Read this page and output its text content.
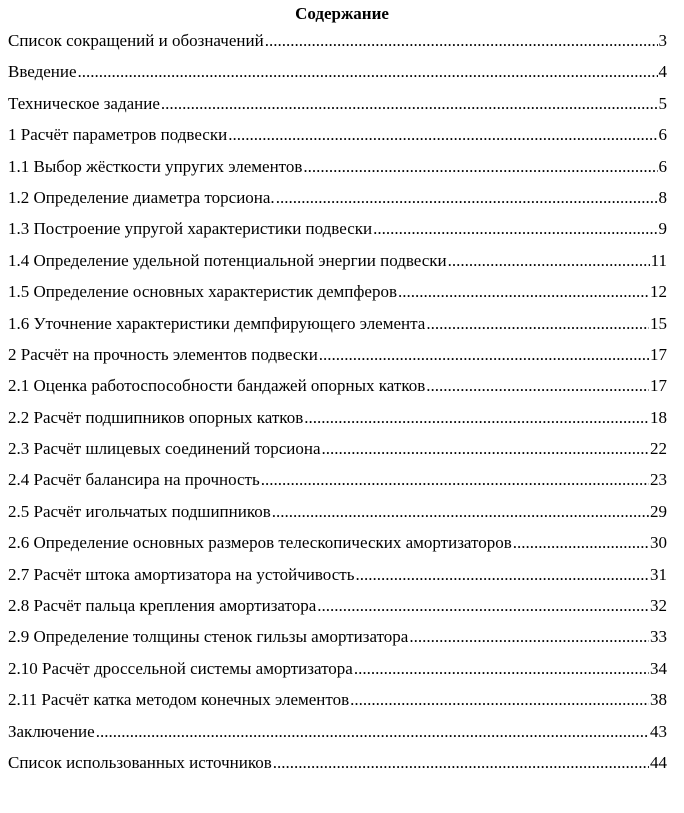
Содержание
Список сокращений и обозначений .....	3
Введение .....	4
Техническое задание .....	5
1 Расчёт параметров подвески .....	6
1.1 Выбор жёсткости упругих элементов .....	6
1.2 Определение диаметра торсиона. .....	8
1.3 Построение упругой характеристики подвески .....	9
1.4 Определение удельной потенциальной энергии подвески .....	11
1.5 Определение основных характеристик демпферов .....	12
1.6 Уточнение характеристики демпфирующего элемента .....	15
2 Расчёт на прочность элементов подвески .....	17
2.1 Оценка работоспособности бандажей опорных катков .....	17
2.2 Расчёт подшипников опорных катков .....	18
2.3 Расчёт шлицевых соединений торсиона .....	22
2.4 Расчёт балансира на прочность .....	23
2.5 Расчёт игольчатых подшипников .....	29
2.6 Определение основных размеров телескопических амортизаторов .....	30
2.7 Расчёт штока амортизатора на устойчивость .....	31
2.8 Расчёт пальца крепления амортизатора .....	32
2.9 Определение толщины стенок гильзы амортизатора .....	33
2.10 Расчёт дроссельной системы амортизатора .....	34
2.11 Расчёт катка методом конечных элементов .....	38
Заключение .....	43
Список использованных источников .....	44
